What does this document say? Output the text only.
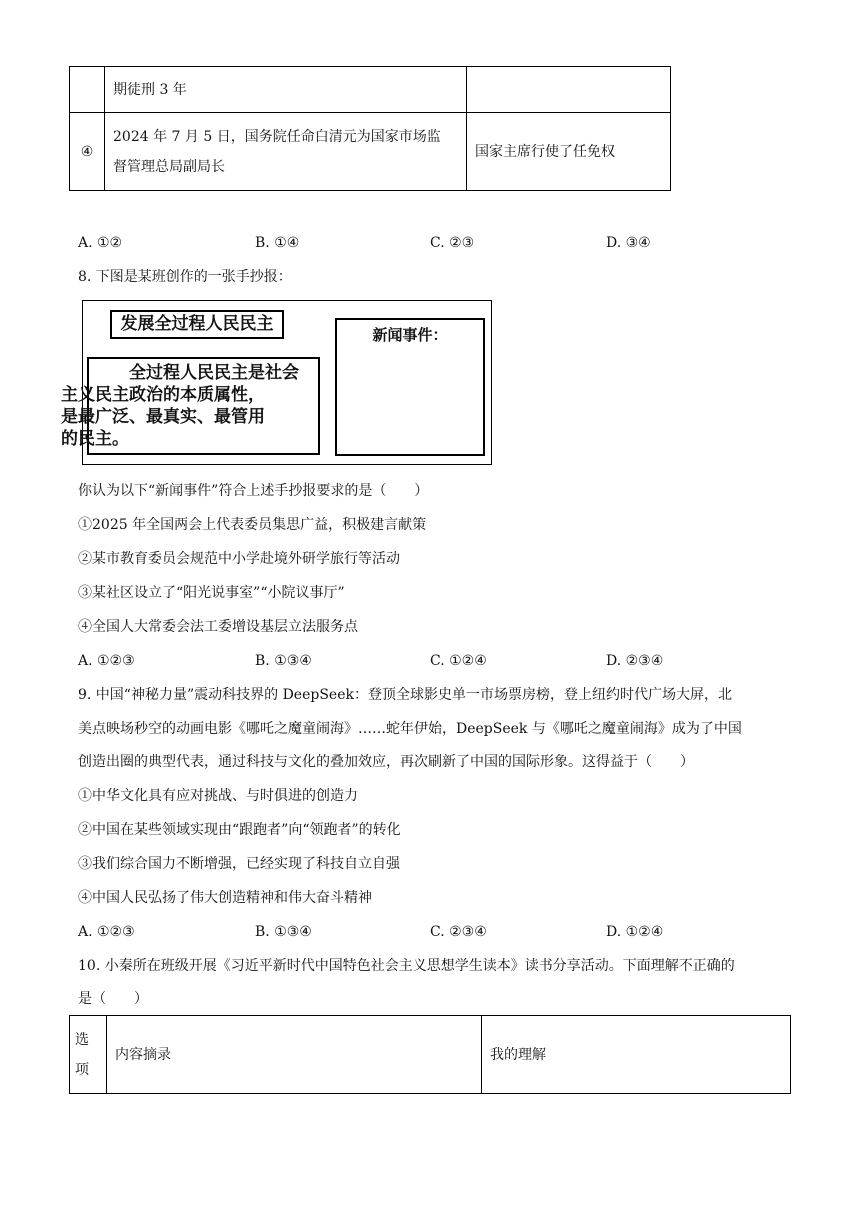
	期徒刑 3 年	
④	2024 年 7 月 5 日，国务院任命白清元为国家市场监
督管理总局副局长	国家主席行使了任免权
A. ①②	B. ①④	C. ②③	D. ③④
8. 下图是某班创作的一张手抄报：
发展全过程人民民主
全过程人民民主是社会
主义民主政治的本质属性，
是最广泛、最真实、最管用
的民主。
新闻事件：
你认为以下“新闻事件”符合上述手抄报要求的是（　　）
①2025 年全国两会上代表委员集思广益，积极建言献策
②某市教育委员会规范中小学赴境外研学旅行等活动
③某社区设立了“阳光说事室”“小院议事厅”
④全国人大常委会法工委增设基层立法服务点
A. ①②③	B. ①③④	C. ①②④	D. ②③④
9. 中国“神秘力量”震动科技界的 DeepSeek：登顶全球影史单一市场票房榜，登上纽约时代广场大屏，北
美点映场秒空的动画电影《哪吒之魔童闹海》……蛇年伊始，DeepSeek 与《哪吒之魔童闹海》成为了中国
创造出圈的典型代表，通过科技与文化的叠加效应，再次刷新了中国的国际形象。这得益于（　　）
①中华文化具有应对挑战、与时俱进的创造力
②中国在某些领域实现由“跟跑者”向“领跑者”的转化
③我们综合国力不断增强，已经实现了科技自立自强
④中国人民弘扬了伟大创造精神和伟大奋斗精神
A. ①②③	B. ①③④	C. ②③④	D. ①②④
10. 小秦所在班级开展《习近平新时代中国特色社会主义思想学生读本》读书分享活动。下面理解不正确的
是（　　）
选
项
	内容摘录	我的理解
